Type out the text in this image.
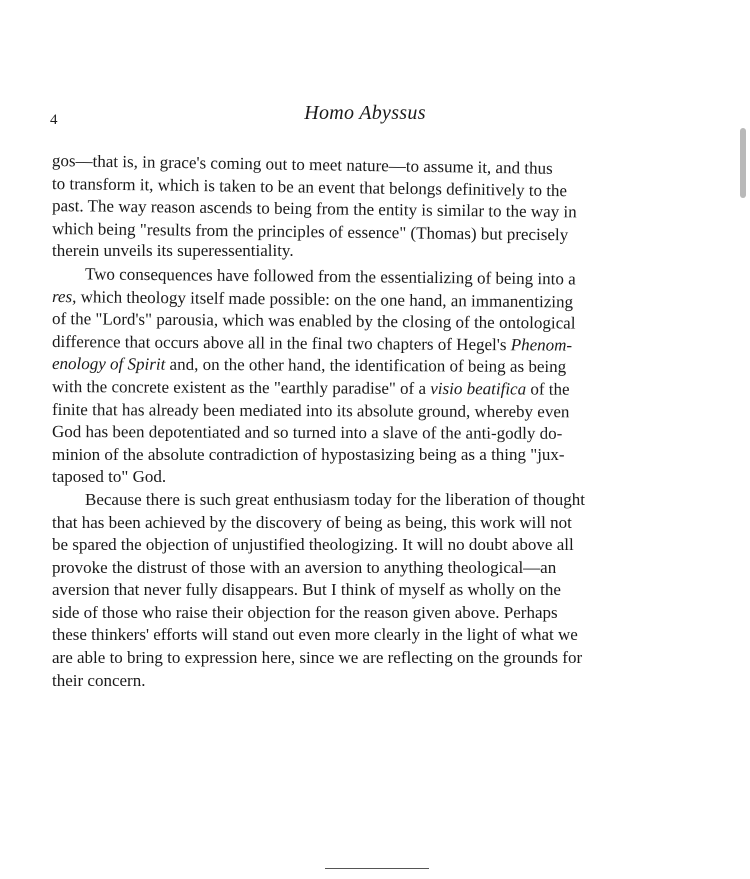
4	Homo Abyssus
gos—that is, in grace's coming out to meet nature—to assume it, and thus
to transform it, which is taken to be an event that belongs definitively to the
past. The way reason ascends to being from the entity is similar to the way in
which being "results from the principles of essence" (Thomas) but precisely
therein unveils its superessentiality.
Two consequences have followed from the essentializing of being into a
res, which theology itself made possible: on the one hand, an immanentizing
of the "Lord's" parousia, which was enabled by the closing of the ontological
difference that occurs above all in the final two chapters of Hegel's Phenom-
enology of Spirit and, on the other hand, the identification of being as being
with the concrete existent as the "earthly paradise" of a visio beatifica of the
finite that has already been mediated into its absolute ground, whereby even
God has been depotentiated and so turned into a slave of the anti-godly do-
minion of the absolute contradiction of hypostasizing being as a thing "jux-
taposed to" God.
Because there is such great enthusiasm today for the liberation of thought
that has been achieved by the discovery of being as being, this work will not
be spared the objection of unjustified theologizing. It will no doubt above all
provoke the distrust of those with an aversion to anything theological—an
aversion that never fully disappears. But I think of myself as wholly on the
side of those who raise their objection for the reason given above. Perhaps
these thinkers' efforts will stand out even more clearly in the light of what we
are able to bring to expression here, since we are reflecting on the grounds for
their concern.
